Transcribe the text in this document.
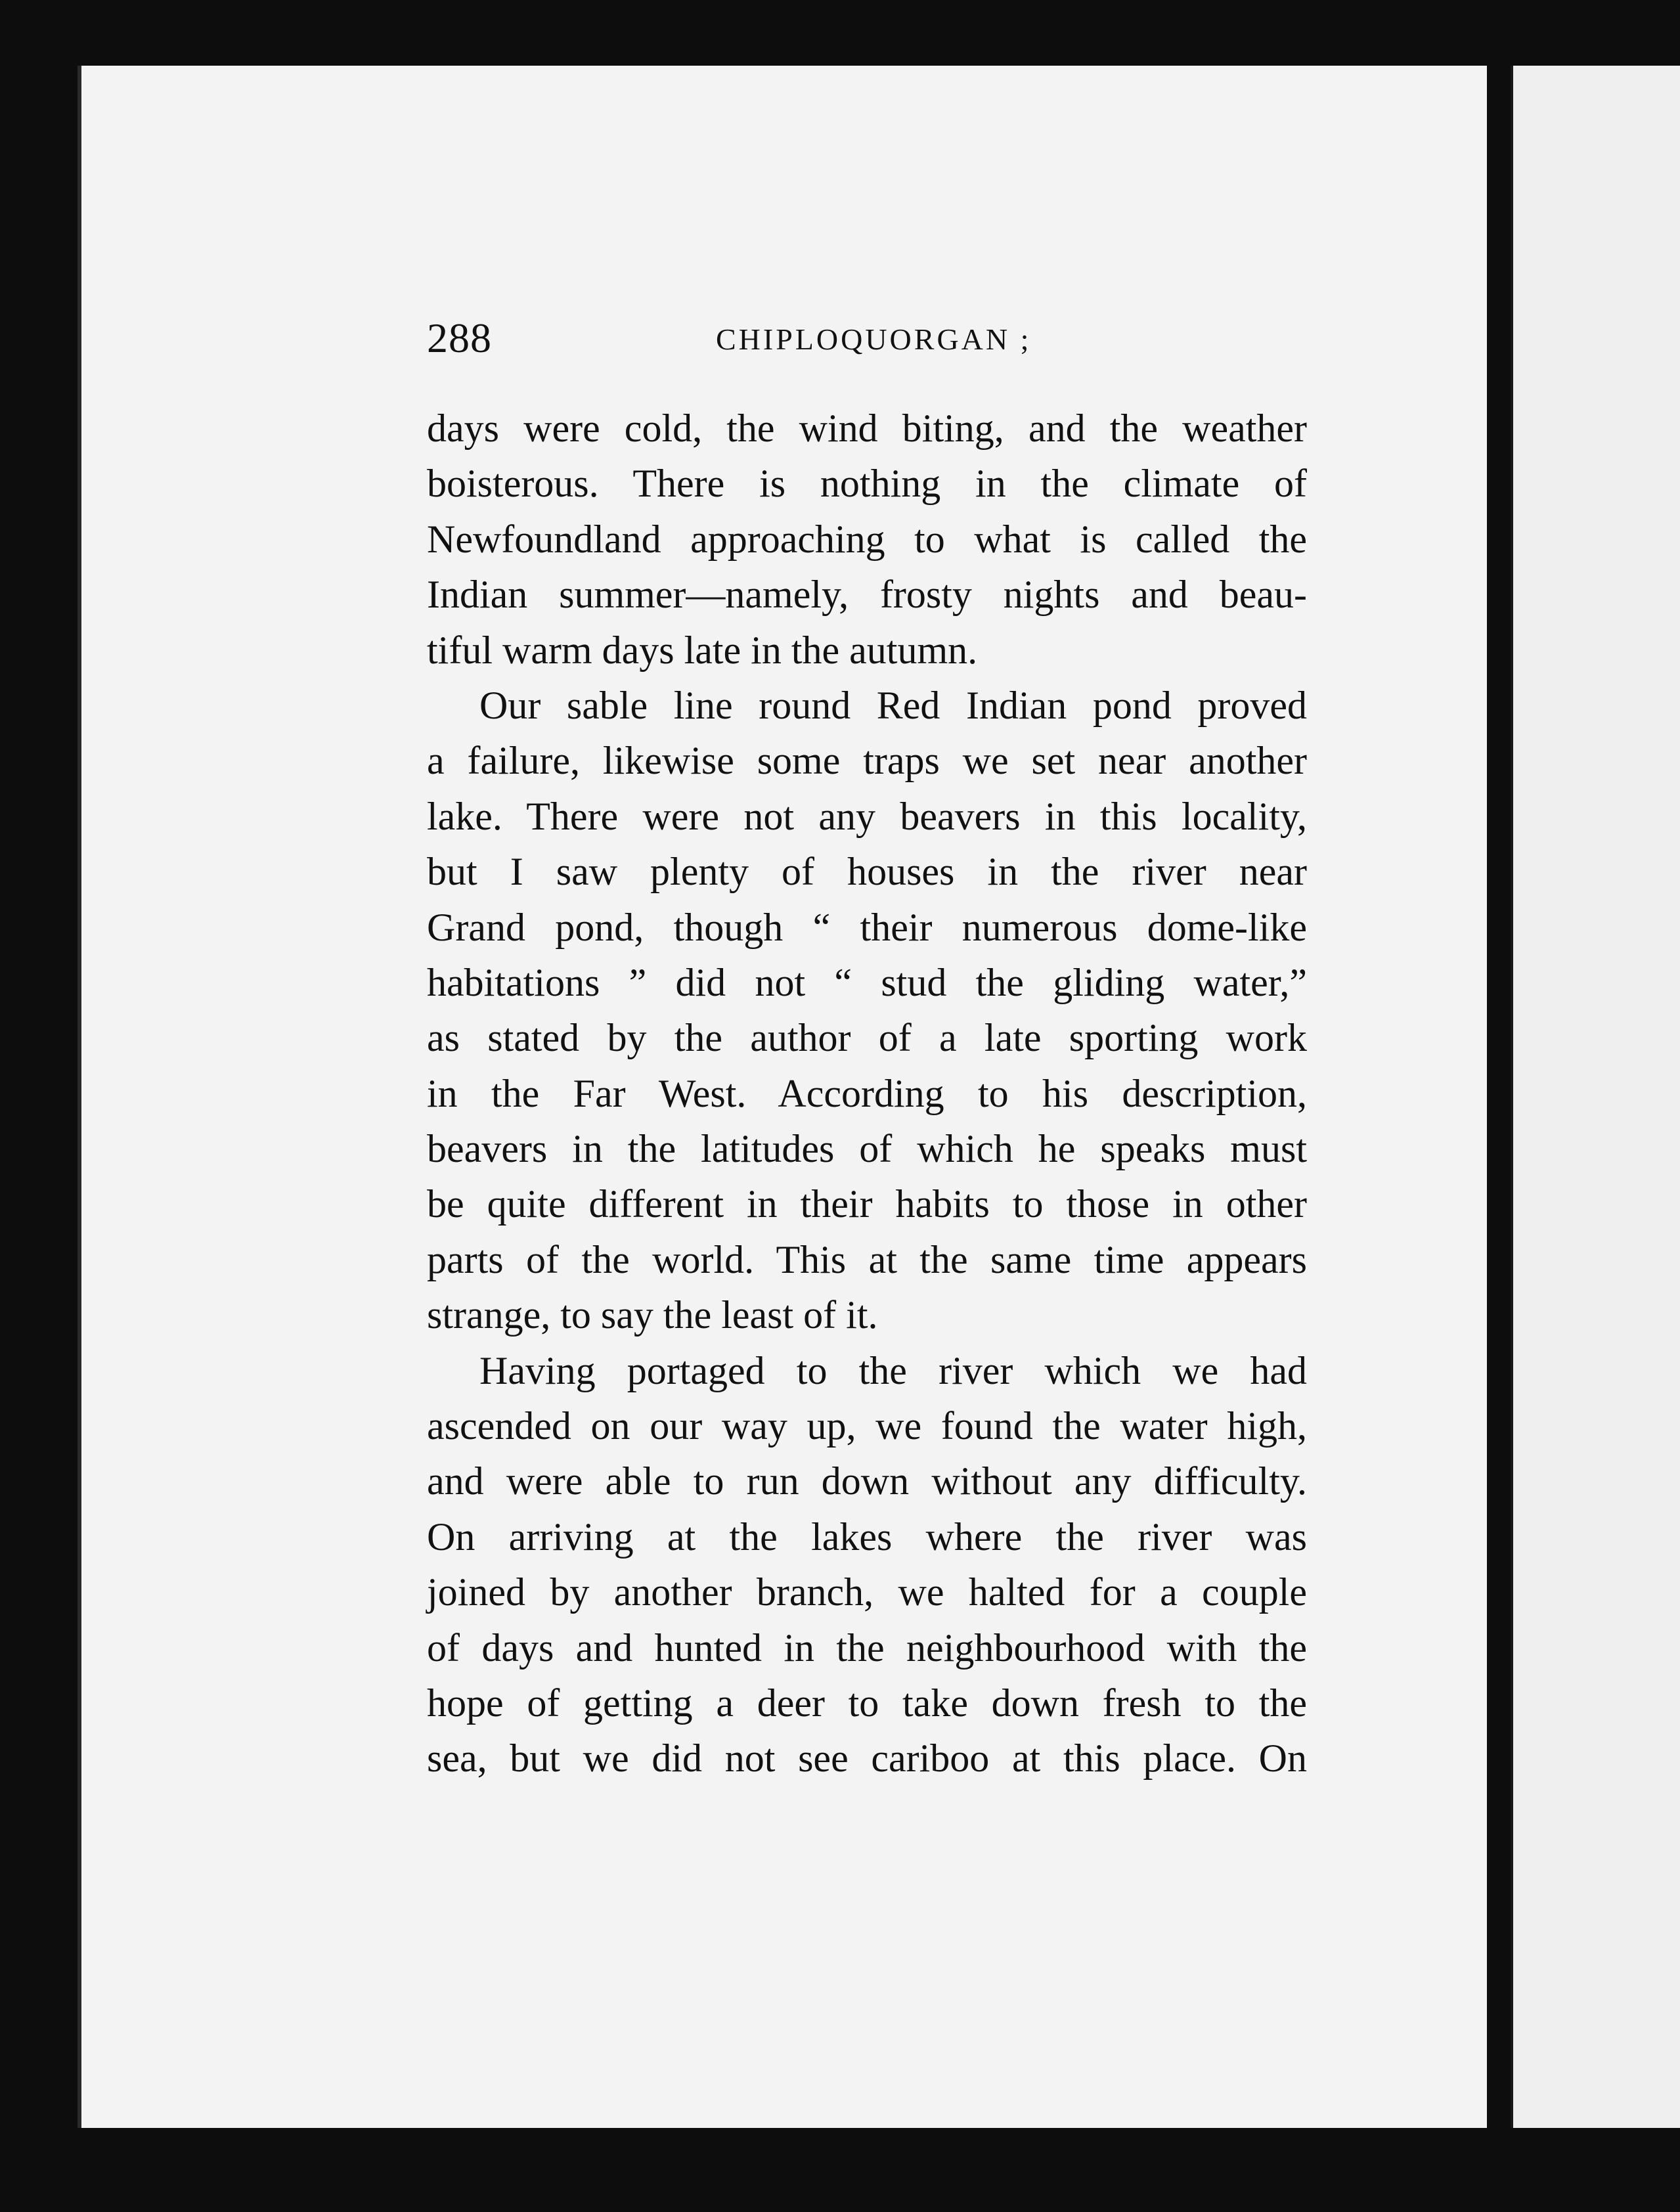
288	CHIPLOQUORGAN ;
days were cold, the wind biting, and the weather
boisterous. There is nothing in the climate of
Newfoundland approaching to what is called the
Indian summer—namely, frosty nights and beau-
tiful warm days late in the autumn.
Our sable line round Red Indian pond proved
a failure, likewise some traps we set near another
lake. There were not any beavers in this locality,
but I saw plenty of houses in the river near
Grand pond, though “ their numerous dome-like
habitations ” did not “ stud the gliding water,”
as stated by the author of a late sporting work
in the Far West. According to his description,
beavers in the latitudes of which he speaks must
be quite different in their habits to those in other
parts of the world. This at the same time appears
strange, to say the least of it.
Having portaged to the river which we had
ascended on our way up, we found the water high,
and were able to run down without any difficulty.
On arriving at the lakes where the river was
joined by another branch, we halted for a couple
of days and hunted in the neighbourhood with the
hope of getting a deer to take down fresh to the
sea, but we did not see cariboo at this place. On
